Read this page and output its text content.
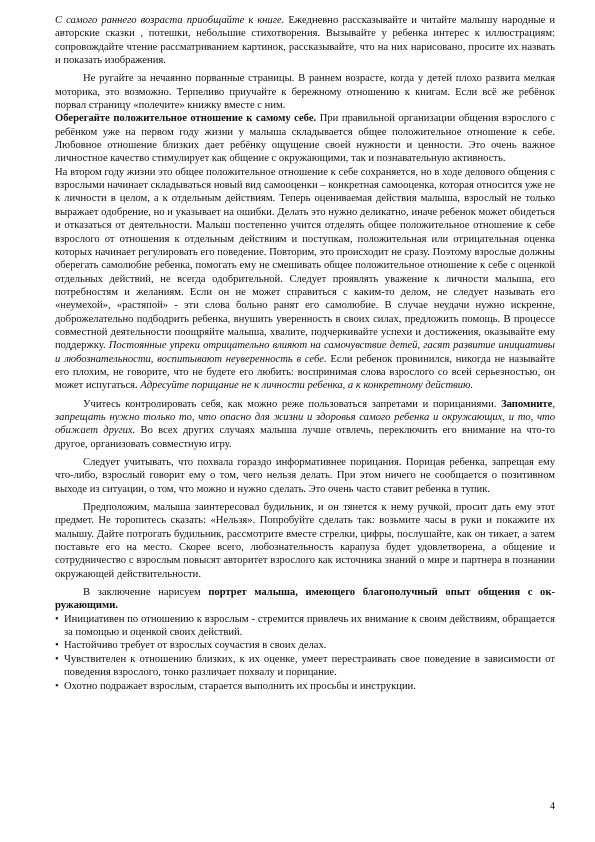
С самого раннего возраста приобщайте к книге. Ежедневно рассказывайте и читайте малышу народные и авторские сказки , потешки, небольшие стихотворения. Вызывайте у ребенка интерес к иллюстрациям: сопровождайте чтение рассматриванием картинок, рассказывайте, что на них нарисовано, просите их назвать и показать изображения.

Не ругайте за нечаянно порванные страницы. В раннем возрасте, когда у детей плохо развита мелкая моторика, это возможно. Терпеливо приучайте к бережному отношению к книгам. Если всё же ребёнок порвал страницу «полечите» книжку вместе с ним.

Оберегайте положительное отношение к самому себе. При правильной организации общения взрослого с ребёнком уже на первом году жизни у малыша складывается общее положительное отношение к себе. Любовное отношение близких дает ребёнку ощущение своей нужности и ценности. Это очень важное личностное качество стимулирует как общение с окружающими, так и познавательную активность.

На втором году жизни это общее положительное отношение к себе сохраняется, но в ходе делового общения с взрослыми начинает складываться новый вид самооценки – конкретная самооценка, которая относится уже не к личности в целом, а к отдельным действиям. Теперь оцениваемая действия малыша, взрослый не только выражает одобрение, но и указывает на ошибки. Делать это нужно деликатно, иначе ребенок может обидеться и отказаться от деятельности. Малыш постепенно учится отделять общее положительное отношение к себе взрослого от отношения к отдельным действиям и поступкам, положительная или отрицательная оценка которых начинает регулировать его поведение. Повторим, это происходит не сразу. Поэтому взрослые должны оберегать самолюбие ребенка, помогать ему не смешивать общее положительное отношение к себе с оценкой отдельных действий, не всегда одобрительной. Следует проявлять уважение к личности малыша, его потребностям и желаниям. Если он не может справиться с каким-то делом, не следует называть его «неумехой», «растяпой» - эти слова больно ранят его самолюбие. В случае неудачи нужно искренне, доброжелательно подбодрить ребенка, внушить уверенность в своих силах, предложить помощь. В процессе совместной деятельности поощряйте малыша, хвалите, подчеркивайте успехи и достижения, оказывайте ему поддержку. Постоянные упреки отрицательно влияют на самочувствие детей, гасят развитие инициативы и любознательности, воспитывают неуверенность в себе. Если ребенок провинился, никогда не называйте его плохим, не говорите, что не будете его любить: воспринимая слова взрослого со всей серьезностью, он может испугаться. Адресуйте порицание не к личности ребенка, а к конкретному действию.

Учитесь контролировать себя, как можно реже пользоваться запретами и порицаниями. Запомните, запрещать нужно только то, что опасно для жизни и здоровья самого ребенка и окружающих, и то, что обижает других. Во всех других случаях малыша лучше отвлечь, переключить его внимание на что-то другое, организовать совместную игру.

Следует учитывать, что похвала гораздо информативнее порицания. Порицая ребенка, запрещая ему что-либо, взрослый говорит ему о том, чего нельзя делать. При этом ничего не сообщается о позитивном выходе из ситуации, о том, что можно и нужно сделать. Это очень часто ставит ребенка в тупик.

Предположим, малыша заинтересовал будильник, и он тянется к нему ручкой, просит дать ему этот предмет. Не торопитесь сказать: «Нельзя». Попробуйте сделать так: возьмите часы в руки и покажите их малышу. Дайте потрогать будильник, рассмотрите вместе стрелки, цифры, послушайте, как он тикает, а затем поставьте его на место. Скорее всего, любознательность карапуза будет удовлетворена, а общение и сотрудничество с взрослым повысят авторитет взрослого как источника знаний о мире и партнера в познании окружающей действительности.

В заключение нарисуем портрет малыша, имеющего благополучный опыт общения с окружающими.

• Инициативен по отношению к взрослым - стремится привлечь их внимание к своим действиям, обращается за помощью и оценкой своих действий.
• Настойчиво требует от взрослых соучастия в своих делах.
• Чувствителен к отношению близких, к их оценке, умеет перестраивать свое поведение в зависимости от поведения взрослого, тонко различает похвалу и порицание.
• Охотно подражает взрослым, старается выполнить их просьбы и инструкции.
4
